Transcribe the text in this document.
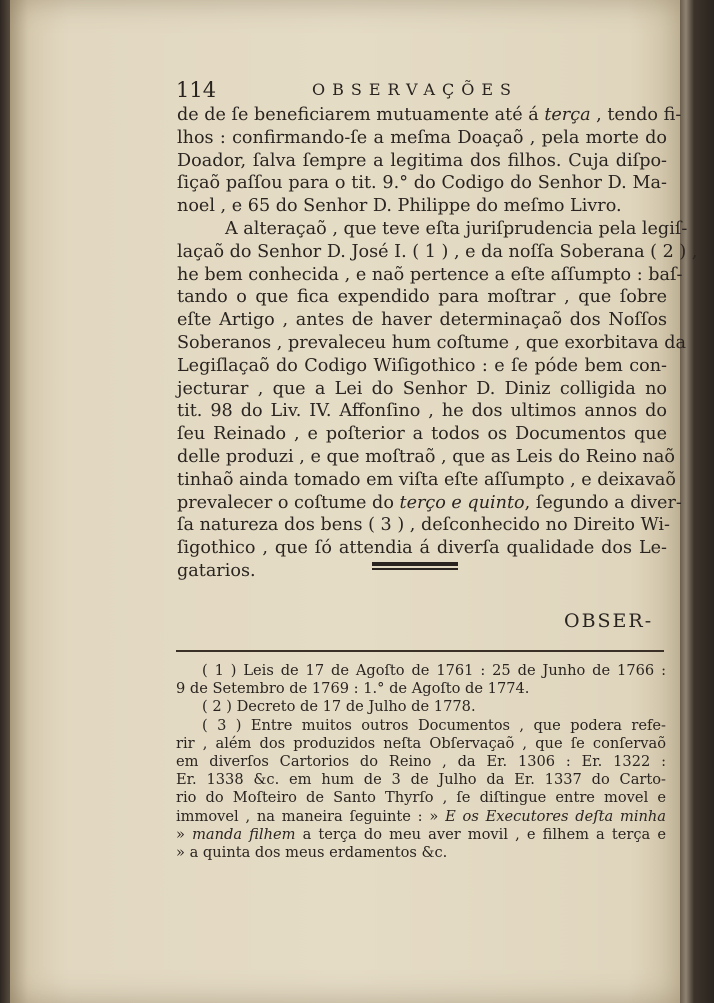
114	OBSERVAÇÕES
de de ſe beneficiarem mutuamente até á terça , tendo fi-
lhos : confirmando-ſe a meſma Doaçaõ , pela morte do
Doador, ſalva ſempre a legitima dos filhos. Cuja diſpo-
ſiçaõ paſſou para o tit. 9.° do Codigo do Senhor D. Ma-
noel , e 65 do Senhor D. Philippe do meſmo Livro.
A alteraçaõ , que teve eſta juriſprudencia pela legiſ-
laçaõ do Senhor D. José I. ( 1 ) , e da noſſa Soberana ( 2 ) ,
he bem conhecida , e naõ pertence a eſte aſſumpto : baſ-
tando o que fica expendido para moſtrar , que ſobre
eſte Artigo , antes de haver determinaçaõ dos Noſſos
Soberanos , prevaleceu hum coſtume , que exorbitava da
Legiſlaçaõ do Codigo Wiſigothico : e ſe póde bem con-
jecturar , que a Lei do Senhor D. Diniz colligida no
tit. 98 do Liv. IV. Affonſino , he dos ultimos annos do
ſeu Reinado , e poſterior a todos os Documentos que
delle produzi , e que moſtraõ , que as Leis do Reino naõ
tinhaõ ainda tomado em viſta eſte aſſumpto , e deixavaõ
prevalecer o coſtume do terço e quinto, ſegundo a diver-
ſa natureza dos bens ( 3 ) , deſconhecido no Direito Wi-
ſigothico , que ſó attendia á diverſa qualidade dos Le-
gatarios.
OBSER-
( 1 ) Leis de 17 de Agoſto de 1761 : 25 de Junho de 1766 :
9 de Setembro de 1769 : 1.° de Agoſto de 1774.
( 2 ) Decreto de 17 de Julho de 1778.
( 3 ) Entre muitos outros Documentos , que podera refe-
rir , além dos produzidos neſta Obſervaçaõ , que ſe conſervaõ
em diverſos Cartorios do Reino , da Er. 1306 : Er. 1322 :
Er. 1338 &c. em hum de 3 de Julho da Er. 1337 do Carto-
rio do Moſteiro de Santo Thyrſo , ſe diſtingue entre movel e
immovel , na maneira ſeguinte : » E os Executores deſta minha
» manda filhem a terça do meu aver movil , e filhem a terça e
» a quinta dos meus erdamentos &c.
